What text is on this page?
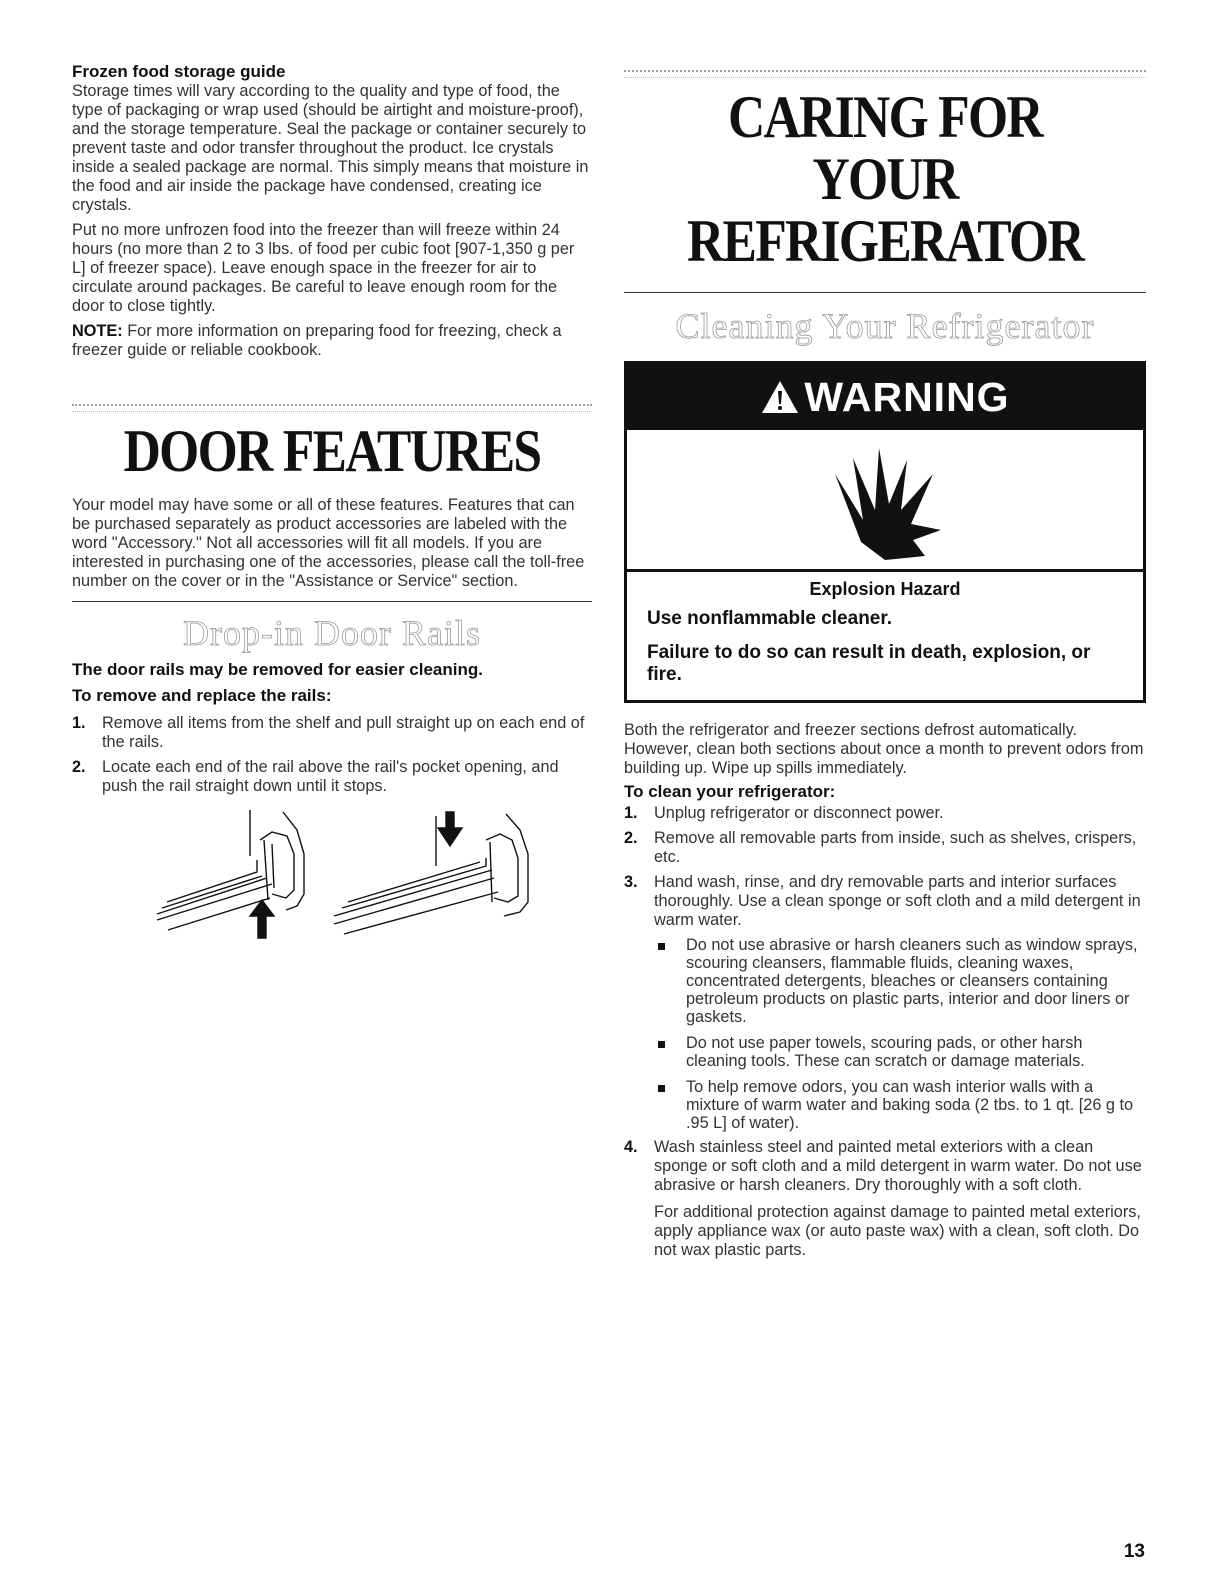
Frozen food storage guide

Storage times will vary according to the quality and type of food, the type of packaging or wrap used (should be airtight and moisture-proof), and the storage temperature. Seal the package or container securely to prevent taste and odor transfer throughout the product. Ice crystals inside a sealed package are normal. This simply means that moisture in the food and air inside the package have condensed, creating ice crystals.

Put no more unfrozen food into the freezer than will freeze within 24 hours (no more than 2 to 3 lbs. of food per cubic foot [907-1,350 g per L] of freezer space). Leave enough space in the freezer for air to circulate around packages. Be careful to leave enough room for the door to close tightly.

NOTE: For more information on preparing food for freezing, check a freezer guide or reliable cookbook.

DOOR FEATURES

Your model may have some or all of these features. Features that can be purchased separately as product accessories are labeled with the word "Accessory." Not all accessories will fit all models. If you are interested in purchasing one of the accessories, please call the toll-free number on the cover or in the "Assistance or Service" section.

Drop-in Door Rails

The door rails may be removed for easier cleaning.

To remove and replace the rails:

1. Remove all items from the shelf and pull straight up on each end of the rails.
2. Locate each end of the rail above the rail's pocket opening, and push the rail straight down until it stops.
CARING FOR YOUR
REFRIGERATOR
Cleaning Your Refrigerator
WARNING

Explosion Hazard

Use nonflammable cleaner.

Failure to do so can result in death, explosion, or fire.

Both the refrigerator and freezer sections defrost automatically. However, clean both sections about once a month to prevent odors from building up. Wipe up spills immediately.

To clean your refrigerator:

1. Unplug refrigerator or disconnect power.
2. Remove all removable parts from inside, such as shelves, crispers, etc.
3. Hand wash, rinse, and dry removable parts and interior surfaces thoroughly. Use a clean sponge or soft cloth and a mild detergent in warm water.
Do not use abrasive or harsh cleaners such as window sprays, scouring cleansers, flammable fluids, cleaning waxes, concentrated detergents, bleaches or cleansers containing petroleum products on plastic parts, interior and door liners or gaskets.
Do not use paper towels, scouring pads, or other harsh cleaning tools. These can scratch or damage materials.
To help remove odors, you can wash interior walls with a mixture of warm water and baking soda (2 tbs. to 1 qt. [26 g to .95 L] of water).
4. Wash stainless steel and painted metal exteriors with a clean sponge or soft cloth and a mild detergent in warm water. Do not use abrasive or harsh cleaners. Dry thoroughly with a soft cloth.

For additional protection against damage to painted metal exteriors, apply appliance wax (or auto paste wax) with a clean, soft cloth. Do not wax plastic parts.

13
